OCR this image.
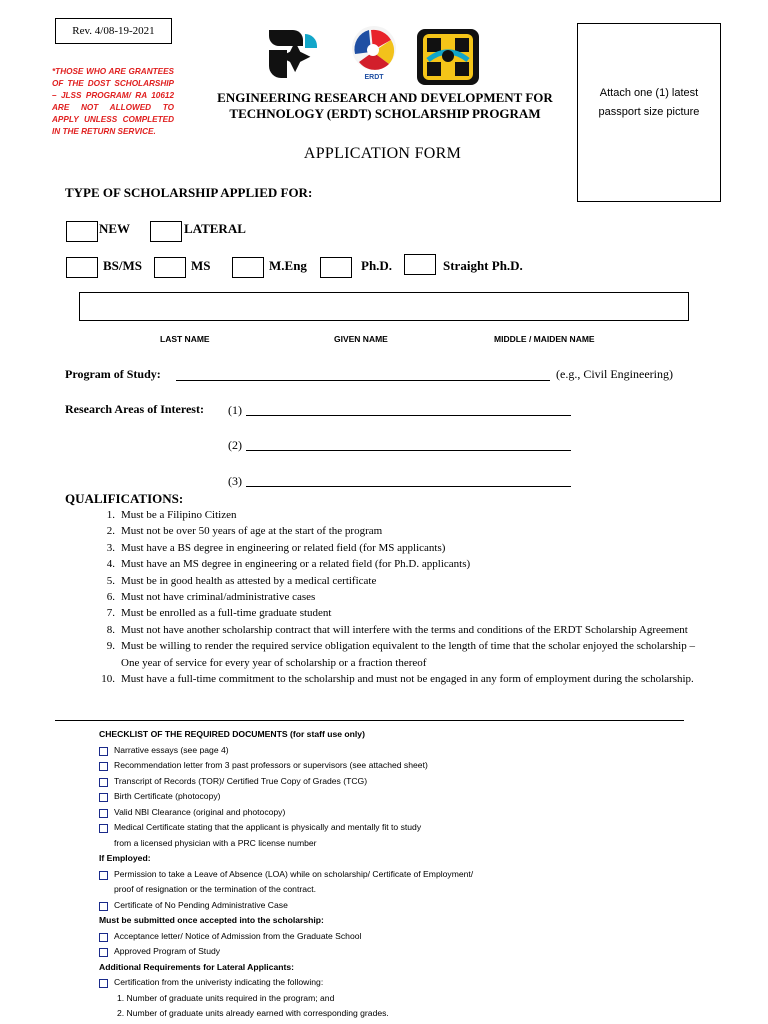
Rev. 4/08-19-2021
*THOSE WHO ARE GRANTEES OF THE DOST SCHOLARSHIP – JLSS PROGRAM/ RA 10612 ARE NOT ALLOWED TO APPLY UNLESS COMPLETED IN THE RETURN SERVICE.
ERDT
ENGINEERING RESEARCH AND DEVELOPMENT FOR
TECHNOLOGY (ERDT) SCHOLARSHIP PROGRAM
Attach one (1) latest passport size picture
APPLICATION FORM
TYPE OF SCHOLARSHIP APPLIED FOR:
NEW	LATERAL
BS/MS	MS	M.Eng	Ph.D.	Straight Ph.D.
LAST NAME	GIVEN NAME	MIDDLE / MAIDEN NAME
Program of Study:	(e.g., Civil Engineering)
Research Areas of Interest: (1)
(2)
(3)
QUALIFICATIONS:
1. Must be a Filipino Citizen
2. Must not be over 50 years of age at the start of the program
3. Must have a BS degree in engineering or related field (for MS applicants)
4. Must have an MS degree in engineering or a related field (for Ph.D. applicants)
5. Must be in good health as attested by a medical certificate
6. Must not have criminal/administrative cases
7. Must be enrolled as a full-time graduate student
8. Must not have another scholarship contract that will interfere with the terms and conditions of the ERDT Scholarship Agreement
9. Must be willing to render the required service obligation equivalent to the length of time that the scholar enjoyed the scholarship – One year of service for every year of scholarship or a fraction thereof
10. Must have a full-time commitment to the scholarship and must not be engaged in any form of employment during the scholarship.
CHECKLIST OF THE REQUIRED DOCUMENTS (for staff use only)
Narrative essays (see page 4)
Recommendation letter from 3 past professors or supervisors (see attached sheet)
Transcript of Records (TOR)/ Certified True Copy of Grades (TCG)
Birth Certificate (photocopy)
Valid NBI Clearance (original and photocopy)
Medical Certificate stating that the applicant is physically and mentally fit to study
from a licensed physician with a PRC license number
If Employed:
Permission to take a Leave of Absence (LOA) while on scholarship/ Certificate of Employment/
proof of resignation or the termination of the contract.
Certificate of No Pending Administrative Case
Must be submitted once accepted into the scholarship:
Acceptance letter/ Notice of Admission from the Graduate School
Approved Program of Study
Additional Requirements for Lateral Applicants:
Certification from the univeristy indicating the following:
1. Number of graduate units required in the program; and
2. Number of graduate units already earned with corresponding grades.
